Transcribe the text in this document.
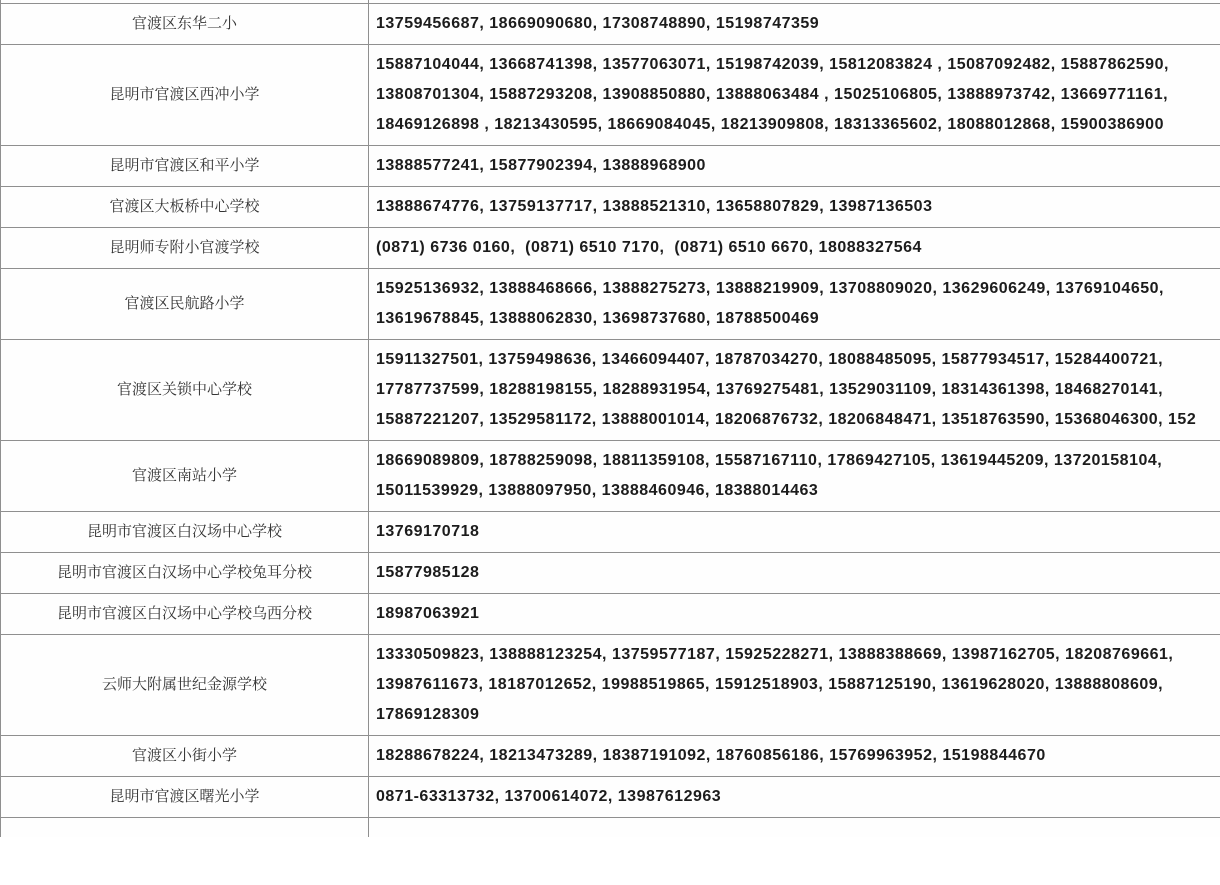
官渡区东华二小	13759456687, 18669090680, 17308748890, 15198747359
昆明市官渡区西冲小学	15887104044, 13668741398, 13577063071, 15198742039, 15812083824 , 15087092482, 15887862590, 13808701304, 15887293208, 13908850880, 13888063484 , 15025106805, 13888973742, 13669771161, 18469126898 , 18213430595, 18669084045, 18213909808, 18313365602, 18088012868, 15900386900
昆明市官渡区和平小学	13888577241, 15877902394, 13888968900
官渡区大板桥中心学校	13888674776, 13759137717, 13888521310, 13658807829, 13987136503
昆明师专附小官渡学校	(0871) 6736 0160,  (0871) 6510 7170,  (0871) 6510 6670, 18088327564
官渡区民航路小学	15925136932, 13888468666, 13888275273, 13888219909, 13708809020, 13629606249, 13769104650, 13619678845, 13888062830, 13698737680, 18788500469
官渡区关锁中心学校	15911327501, 13759498636, 13466094407, 18787034270, 18088485095, 15877934517, 15284400721, 17787737599, 18288198155, 18288931954, 13769275481, 13529031109, 18314361398, 18468270141, 15887221207, 13529581172, 13888001014, 18206876732, 18206848471, 13518763590, 15368046300, 152
官渡区南站小学	18669089809, 18788259098, 18811359108, 15587167110, 17869427105, 13619445209, 13720158104, 15011539929, 13888097950, 13888460946, 18388014463
昆明市官渡区白汉场中心学校	13769170718
昆明市官渡区白汉场中心学校兔耳分校	15877985128
昆明市官渡区白汉场中心学校乌西分校	18987063921
云师大附属世纪金源学校	13330509823, 138888123254, 13759577187, 15925228271, 13888388669, 13987162705, 18208769661, 13987611673, 18187012652, 19988519865, 15912518903, 15887125190, 13619628020, 13888808609, 17869128309
官渡区小街小学	18288678224, 18213473289, 18387191092, 18760856186, 15769963952, 15198844670
昆明市官渡区曙光小学	0871-63313732, 13700614072, 13987612963
